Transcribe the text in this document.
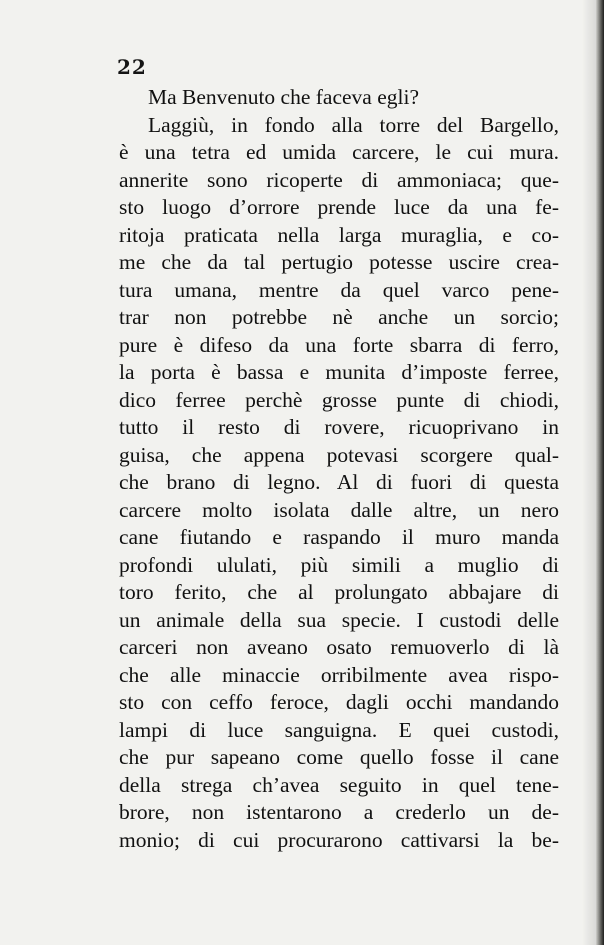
22
Ma Benvenuto che faceva egli?
Laggiù, in fondo alla torre del Bargello,
è una tetra ed umida carcere, le cui mura.
annerite sono ricoperte di ammoniaca; que-
sto luogo d’orrore prende luce da una fe-
ritoja praticata nella larga muraglia, e co-
me che da tal pertugio potesse uscire crea-
tura umana, mentre da quel varco pene-
trar non potrebbe nè anche un sorcio;
pure è difeso da una forte sbarra di ferro,
la porta è bassa e munita d’imposte ferree,
dico ferree perchè grosse punte di chiodi,
tutto il resto di rovere, ricuoprivano in
guisa, che appena potevasi scorgere qual-
che brano di legno. Al di fuori di questa
carcere molto isolata dalle altre, un nero
cane fiutando e raspando il muro manda
profondi ululati, più simili a muglio di
toro ferito, che al prolungato abbajare di
un animale della sua specie. I custodi delle
carceri non aveano osato remuoverlo di là
che alle minaccie orribilmente avea rispo-
sto con ceffo feroce, dagli occhi mandando
lampi di luce sanguigna. E quei custodi,
che pur sapeano come quello fosse il cane
della strega ch’avea seguito in quel tene-
brore, non istentarono a crederlo un de-
monio; di cui procurarono cattivarsi la be-
